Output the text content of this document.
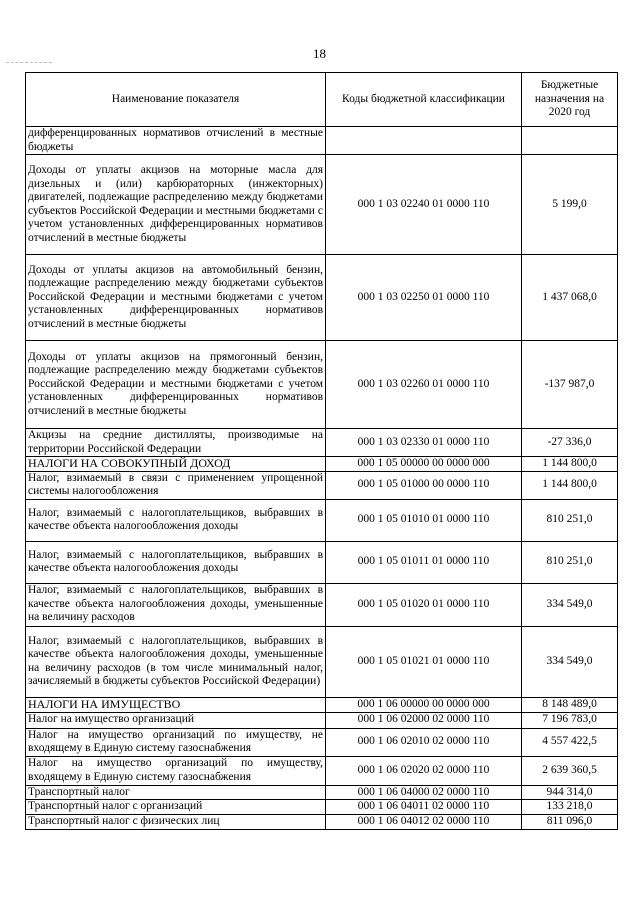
18
Наименование показателя	Коды бюджетной классификации	Бюджетные назначения на 2020 год
дифференцированных нормативов отчислений в местные бюджеты		
Доходы от уплаты акцизов на моторные масла для дизельных и (или) карбюраторных (инжекторных) двигателей, подлежащие распределению между бюджетами субъектов Российской Федерации и местными бюджетами с учетом установленных дифференцированных нормативов отчислений в местные бюджеты	000 1 03 02240 01 0000 110	5 199,0
Доходы от уплаты акцизов на автомобильный бензин, подлежащие распределению между бюджетами субъектов Российской Федерации и местными бюджетами с учетом установленных дифференцированных нормативов отчислений в местные бюджеты	000 1 03 02250 01 0000 110	1 437 068,0
Доходы от уплаты акцизов на прямогонный бензин, подлежащие распределению между бюджетами субъектов Российской Федерации и местными бюджетами с учетом установленных дифференцированных нормативов отчислений в местные бюджеты	000 1 03 02260 01 0000 110	-137 987,0
Акцизы на средние дистилляты, производимые на территории Российской Федерации	000 1 03 02330 01 0000 110	-27 336,0
НАЛОГИ НА СОВОКУПНЫЙ ДОХОД	000 1 05 00000 00 0000 000	1 144 800,0
Налог, взимаемый в связи с применением упрощенной системы налогообложения	000 1 05 01000 00 0000 110	1 144 800,0
Налог, взимаемый с налогоплательщиков, выбравших в качестве объекта налогообложения доходы	000 1 05 01010 01 0000 110	810 251,0
Налог, взимаемый с налогоплательщиков, выбравших в качестве объекта налогообложения доходы	000 1 05 01011 01 0000 110	810 251,0
Налог, взимаемый с налогоплательщиков, выбравших в качестве объекта налогообложения доходы, уменьшенные на величину расходов	000 1 05 01020 01 0000 110	334 549,0
Налог, взимаемый с налогоплательщиков, выбравших в качестве объекта налогообложения доходы, уменьшенные на величину расходов (в том числе минимальный налог, зачисляемый в бюджеты субъектов Российской Федерации)	000 1 05 01021 01 0000 110	334 549,0
НАЛОГИ НА ИМУЩЕСТВО	000 1 06 00000 00 0000 000	8 148 489,0
Налог на имущество организаций	000 1 06 02000 02 0000 110	7 196 783,0
Налог на имущество организаций по имуществу, не входящему в Единую систему газоснабжения	000 1 06 02010 02 0000 110	4 557 422,5
Налог на имущество организаций по имуществу, входящему в Единую систему газоснабжения	000 1 06 02020 02 0000 110	2 639 360,5
Транспортный налог	000 1 06 04000 02 0000 110	944 314,0
Транспортный налог с организаций	000 1 06 04011 02 0000 110	133 218,0
Транспортный налог с физических лиц	000 1 06 04012 02 0000 110	811 096,0
